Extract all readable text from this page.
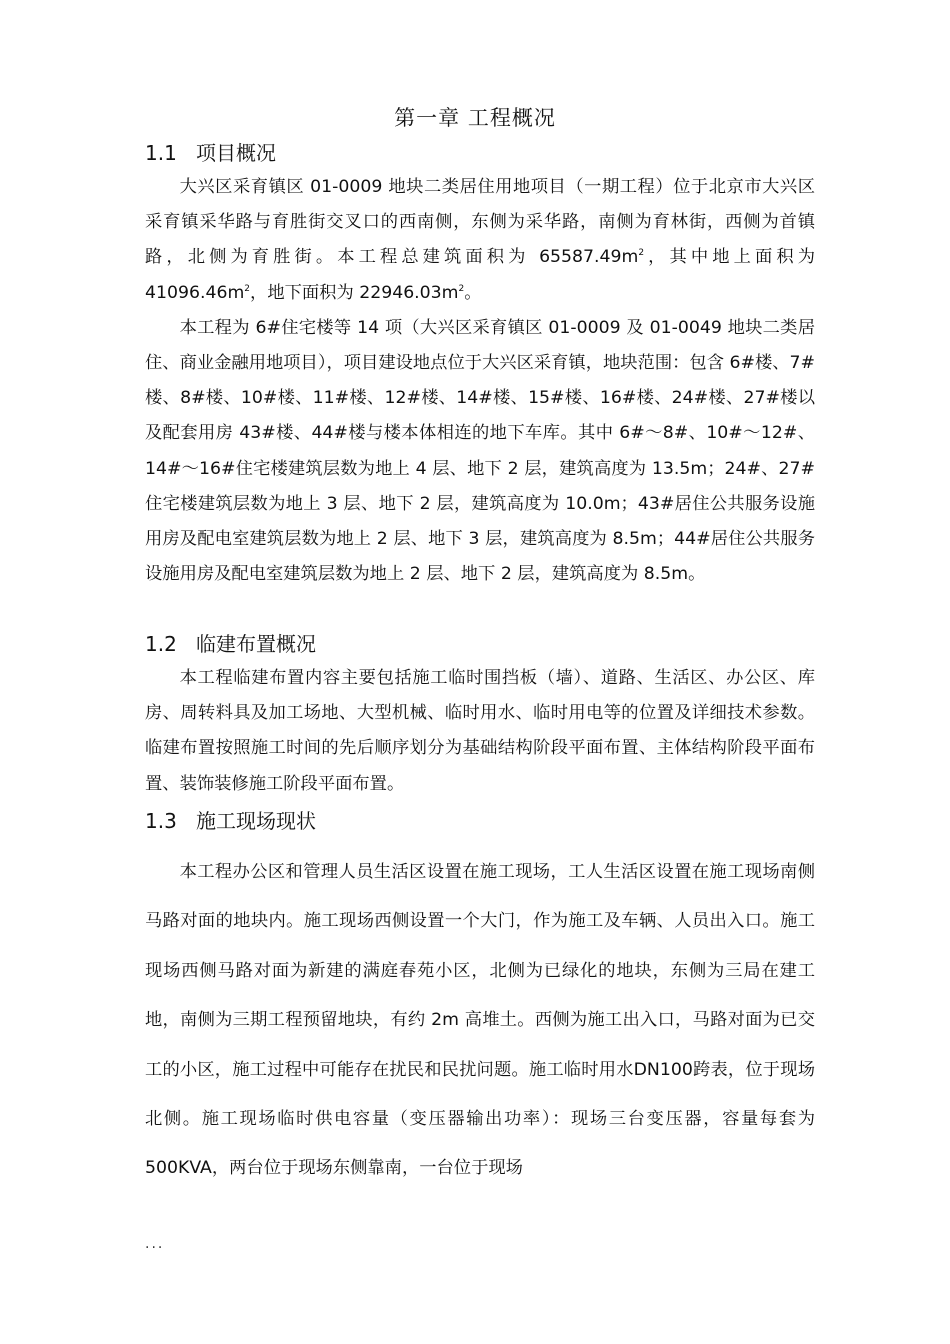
第一章 工程概况
1.1 项目概况

大兴区采育镇区 01-0009 地块二类居住用地项目（一期工程）位于北京市大兴区采育镇采华路与育胜街交叉口的西南侧，东侧为采华路，南侧为育林街，西侧为首镇路，北侧为育胜街。本工程总建筑面积为 $65587.49m^2$，其中地上面积为 $41096.46m^2$，地下面积为 $22946.03m^2$。

本工程为 6#住宅楼等 14 项（大兴区采育镇区 01-0009 及 01-0049 地块二类居住、商业金融用地项目），项目建设地点位于大兴区采育镇，地块范围：包含 6#楼、7#楼、8#楼、10#楼、11#楼、12#楼、14#楼、15#楼、16#楼、24#楼、27#楼以及配套用房 43#楼、44#楼与楼本体相连的地下车库。其中 6#～8#、10#～12#、14#～16#住宅楼建筑层数为地上 4 层、地下 2 层，建筑高度为 13.5m；24#、27#住宅楼建筑层数为地上 3 层、地下 2 层，建筑高度为 10.0m；43#居住公共服务设施用房及配电室建筑层数为地上 2 层、地下 3 层，建筑高度为 8.5m；44#居住公共服务设施用房及配电室建筑层数为地上 2 层、地下 2 层，建筑高度为 8.5m。

1.2 临建布置概况

本工程临建布置内容主要包括施工临时围挡板（墙）、道路、生活区、办公区、库房、周转料具及加工场地、大型机械、临时用水、临时用电等的位置及详细技术参数。临建布置按照施工时间的先后顺序划分为基础结构阶段平面布置、主体结构阶段平面布置、装饰装修施工阶段平面布置。

1.3 施工现场现状

本工程办公区和管理人员生活区设置在施工现场，工人生活区设置在施工现场南侧马路对面的地块内。施工现场西侧设置一个大门，作为施工及车辆、人员出入口。施工现场西侧马路对面为新建的满庭春苑小区，北侧为已绿化的地块，东侧为三局在建工地，南侧为三期工程预留地块，有约 2m 高堆土。西侧为施工出入口，马路对面为已交工的小区，施工过程中可能存在扰民和民扰问题。施工临时用水DN100跨表，位于现场北侧。施工现场临时供电容量（变压器输出功率）：现场三台变压器，容量每套为500KVA，两台位于现场东侧靠南，一台位于现场

...
